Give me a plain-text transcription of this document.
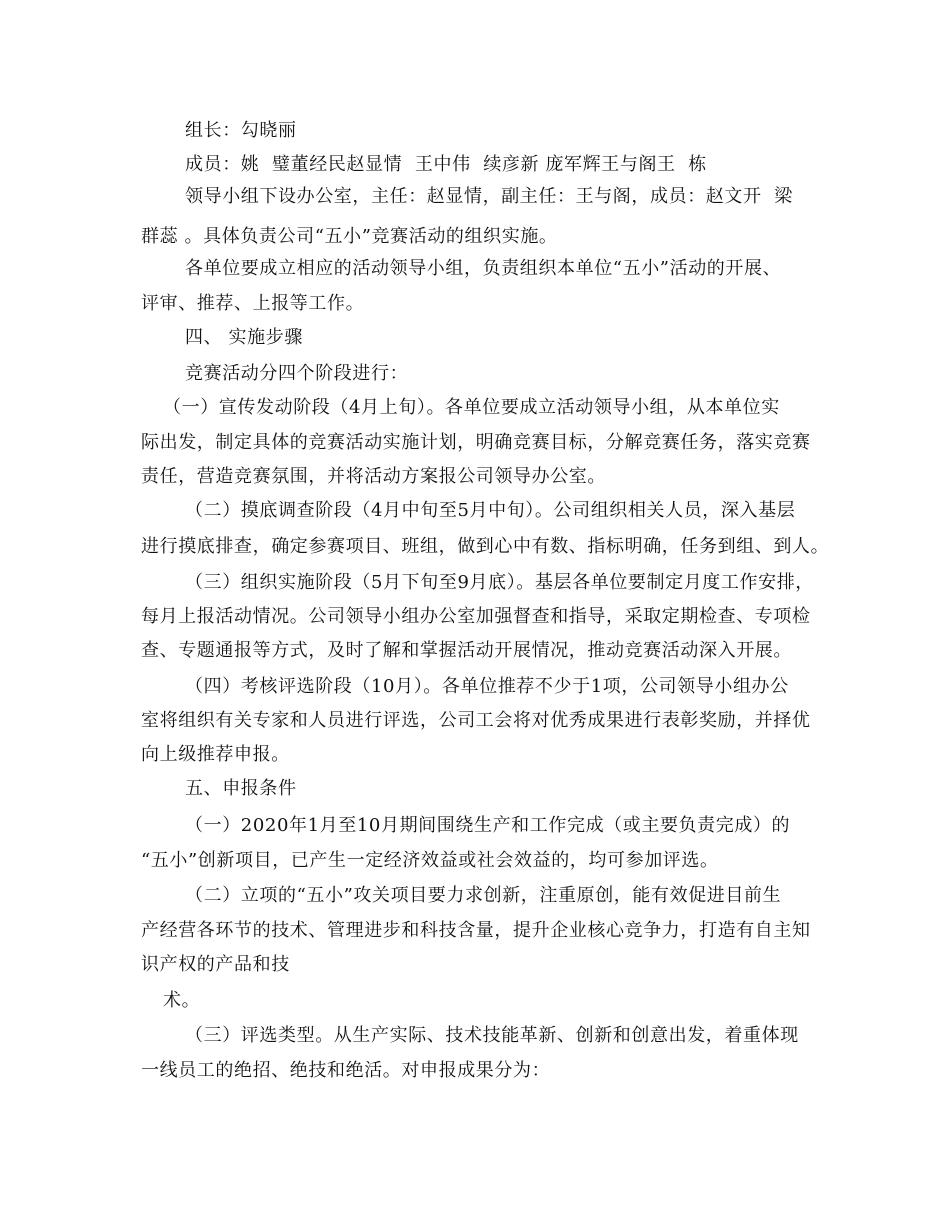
组长：勾晓丽
成员：姚  璧董经民赵显情  王中伟  续彦新 庞军辉王与阁王  栋
领导小组下设办公室，主任：赵显情，副主任：王与阁，成员：赵文开  梁
群蕊 。具体负责公司“五小”竞赛活动的组织实施。
各单位要成立相应的活动领导小组，负责组织本单位“五小”活动的开展、
评审、推荐、上报等工作。
四、 实施步骤
竞赛活动分四个阶段进行：
（一）宣传发动阶段（4月上旬）。各单位要成立活动领导小组，从本单位实
际出发，制定具体的竞赛活动实施计划，明确竞赛目标，分解竞赛任务，落实竞赛
责任，营造竞赛氛围，并将活动方案报公司领导办公室。
（二）摸底调查阶段（4月中旬至5月中旬）。公司组织相关人员，深入基层
进行摸底排查，确定参赛项目、班组，做到心中有数、指标明确，任务到组、到人。
（三）组织实施阶段（5月下旬至9月底）。基层各单位要制定月度工作安排，
每月上报活动情况。公司领导小组办公室加强督查和指导，采取定期检查、专项检
查、专题通报等方式，及时了解和掌握活动开展情况，推动竞赛活动深入开展。
（四）考核评选阶段（10月）。各单位推荐不少于1项，公司领导小组办公
室将组织有关专家和人员进行评选，公司工会将对优秀成果进行表彰奖励，并择优
向上级推荐申报。
五、申报条件
（一）2020年1月至10月期间围绕生产和工作完成（或主要负责完成）的
“五小”创新项目，已产生一定经济效益或社会效益的，均可参加评选。
（二）立项的“五小”攻关项目要力求创新，注重原创，能有效促进目前生
产经营各环节的技术、管理进步和科技含量，提升企业核心竞争力，打造有自主知
识产权的产品和技
术。
（三）评选类型。从生产实际、技术技能革新、创新和创意出发，着重体现
一线员工的绝招、绝技和绝活。对申报成果分为：
